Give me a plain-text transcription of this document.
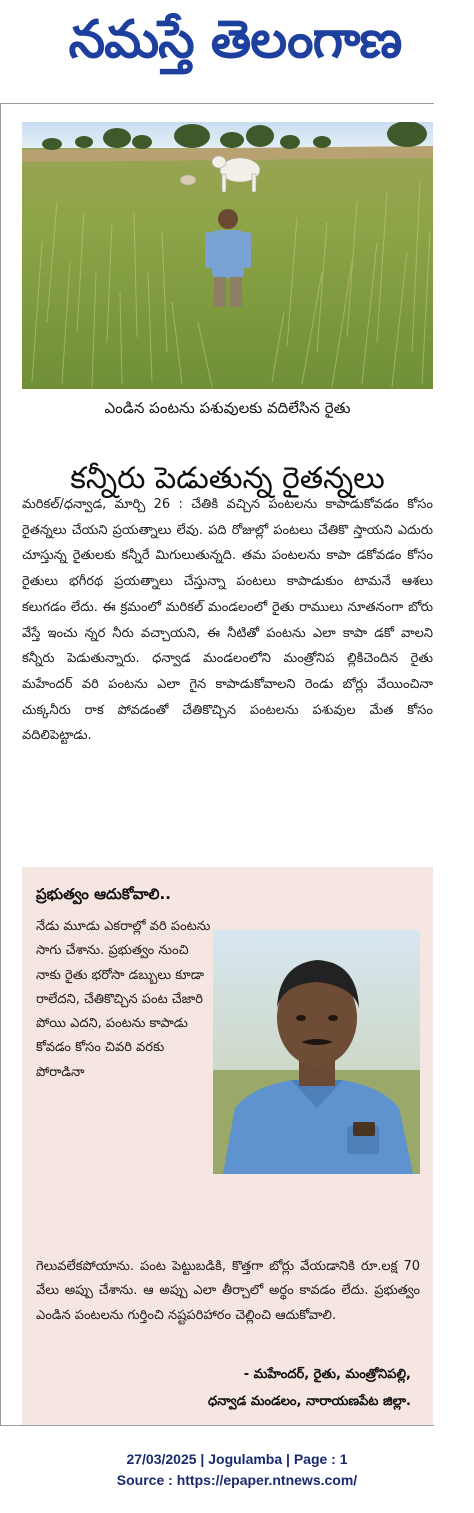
నమస్తే తెలంగాణ
ఎండిన పంటను పశువులకు వదిలేసిన రైతు
కన్నీరు పెడుతున్న రైతన్నలు

మరికల్/ధన్వాడ, మార్చి 26 : చేతికి వచ్చిన పంటలను కాపాడుకోవడం కోసం రైతన్నలు చేయని ప్రయత్నాలు లేవు. పది రోజుల్లో పంటలు చేతికొ స్తాయని ఎదురు చూస్తున్న రైతులకు కన్నీరే మిగులుతున్నది. తమ పంటలను కాపా డకోవడం కోసం రైతులు భగీరథ ప్రయత్నాలు చేస్తున్నా పంటలు కాపాడుకుం టామనే ఆశలు కలుగడం లేదు. ఈ క్రమంలో మరికల్ మండలంలో రైతు రాములు నూతనంగా బోరు వేస్తే ఇంచు న్నర నీరు వచ్చాయని, ఈ నీటితో పంటను ఎలా కాపా డకో వాలని కన్నీరు పెడుతున్నారు. ధన్వాడ మండలంలోని మంత్రోనిప ల్లికిచెందిన రైతు మహేందర్ వరి పంటను ఎలా గైన కాపాడుకోవాలని రెండు బోర్లు వేయించినా చుక్కనీరు రాక పోవడంతో చేతికొచ్చిన పంటలను పశువుల మేత కోసం వదిలిపెట్టాడు.

ప్రభుత్వం ఆదుకోవాలి..
నేడు మూడు ఎకరాల్లో వరి పంటను సాగు చేశాను. ప్రభుత్వం నుంచి నాకు రైతు భరోసా డబ్బులు కూడా రాలేదని, చేతికొచ్చిన పంట చేజారి పోయి ఎదని, పంటను కాపాడు కోవడం కోసం చివరి వరకు పోరాడినా
గెలువలేకపోయాను. పంట పెట్టుబడికి, కొత్తగా బోర్లు వేయడానికి రూ.లక్ష 70 వేలు అప్పు చేశాను. ఆ అప్పు ఎలా తీర్చాలో అర్థం కావడం లేదు. ప్రభుత్వం ఎండిన పంటలను గుర్తించి నష్టపరిహారం చెల్లించి ఆదుకోవాలి.
- మహేందర్, రైతు, మంత్రోనిపల్లి,
ధన్వాడ మండలం, నారాయణపేట జిల్లా.
27/03/2025 | Jogulamba | Page : 1
Source : https://epaper.ntnews.com/
